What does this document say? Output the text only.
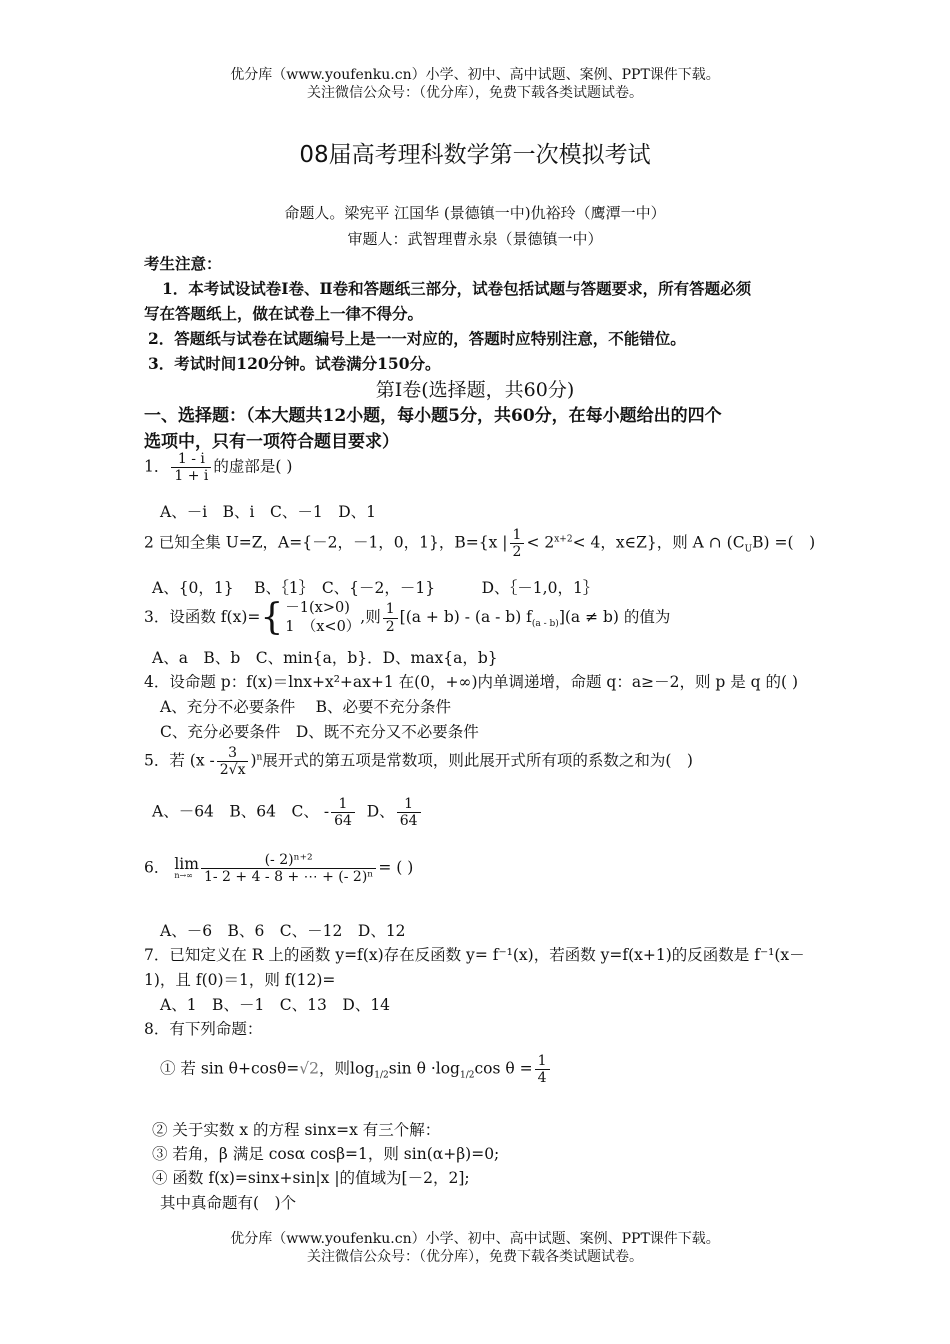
优分库（www.youfenku.cn）小学、初中、高中试题、案例、PPT课件下载。
关注微信公众号：（优分库），免费下载各类试题试卷。
08届高考理科数学第一次模拟考试
命题人。梁宪平 江国华 (景德镇一中)仇裕玲（鹰潭一中）
审题人：武智理曹永泉（景德镇一中）
考生注意：
1．本考试设试卷Ⅰ卷、Ⅱ卷和答题纸三部分，试卷包括试题与答题要求，所有答题必须
写在答题纸上，做在试卷上一律不得分。
2．答题纸与试卷在试题编号上是一一对应的，答题时应特别注意，不能错位。
3．考试时间120分钟。试卷满分150分。
第Ⅰ卷(选择题，共60分)
一、选择题：（本大题共12小题，每小题5分，共60分，在每小题给出的四个
选项中，只有一项符合题目要求）
1． $\frac{1 - i}{1 + i}$ 的虚部是( )
A、－i　B、i　C、－1　D、1
2 已知全集 U=Z，A={－2，－1，0，1}，B={x | $\frac{1}{2} < 2^{x+2}< 4$，x∈Z}，则 A ∩ $(C_UB)$ =(　)
A、{0，1}　 B、｛1｝　C、{－2，－1}　　　D、｛－1,0，1｝
3．设函数 f(x)= { －1(x>0)
1　（x<0）
,则 $\frac{1}{2} [(a + b) - (a - b) f_{(a - b)}](a \ne b)$ 的值为
A、a　B、b　C、min{a，b}．D、max{a，b}
4．设命题 p：f(x)＝lnx+x²+ax+1 在(0，+∞)内单调递增，命题 q：a≥－2，则 p 是 q 的( )
A、充分不必要条件　 B、必要不充分条件
C、充分必要条件　D、既不充分又不必要条件
5．若 $(x - \frac{3}{2√x} )^n$展开式的第五项是常数项，则此展开式所有项的系数之和为(　)
A、－64　B、64　C、 - $\frac{1}{64}$ D、 $\frac{1}{64}$
6． lim
$n\to\infty \frac{\text{(- 2)ⁿ⁺²}}{\text{1- 2 + 4 - 8 + ⋯ + (- 2)ⁿ}}$ = ( )
A、－6　B、6　C、－12　D、12
7．已知定义在 R 上的函数 y=f(x)存在反函数 y= f⁻¹(x)，若函数 y=f(x+1)的反函数是 f⁻¹(x－
1)，且 f(0)＝1，则 f(12)=
A、1　B、－1　C、13　D、14
8．有下列命题：
① 若 sin θ+cosθ=√2，则$\log_{1/2}\sin$ $\theta \cdot\log_{1/2}\cos$ $\theta = \frac{1}{4}$
② 关于实数 x 的方程 sinx=x 有三个解：
③ 若角，β 满足 cosα cosβ=1，则 sin(α+β)=0;
④ 函数 f(x)=sinx+sin|x |的值域为[－2，2];
其中真命题有(　)个
优分库（www.youfenku.cn）小学、初中、高中试题、案例、PPT课件下载。
关注微信公众号：（优分库），免费下载各类试题试卷。
